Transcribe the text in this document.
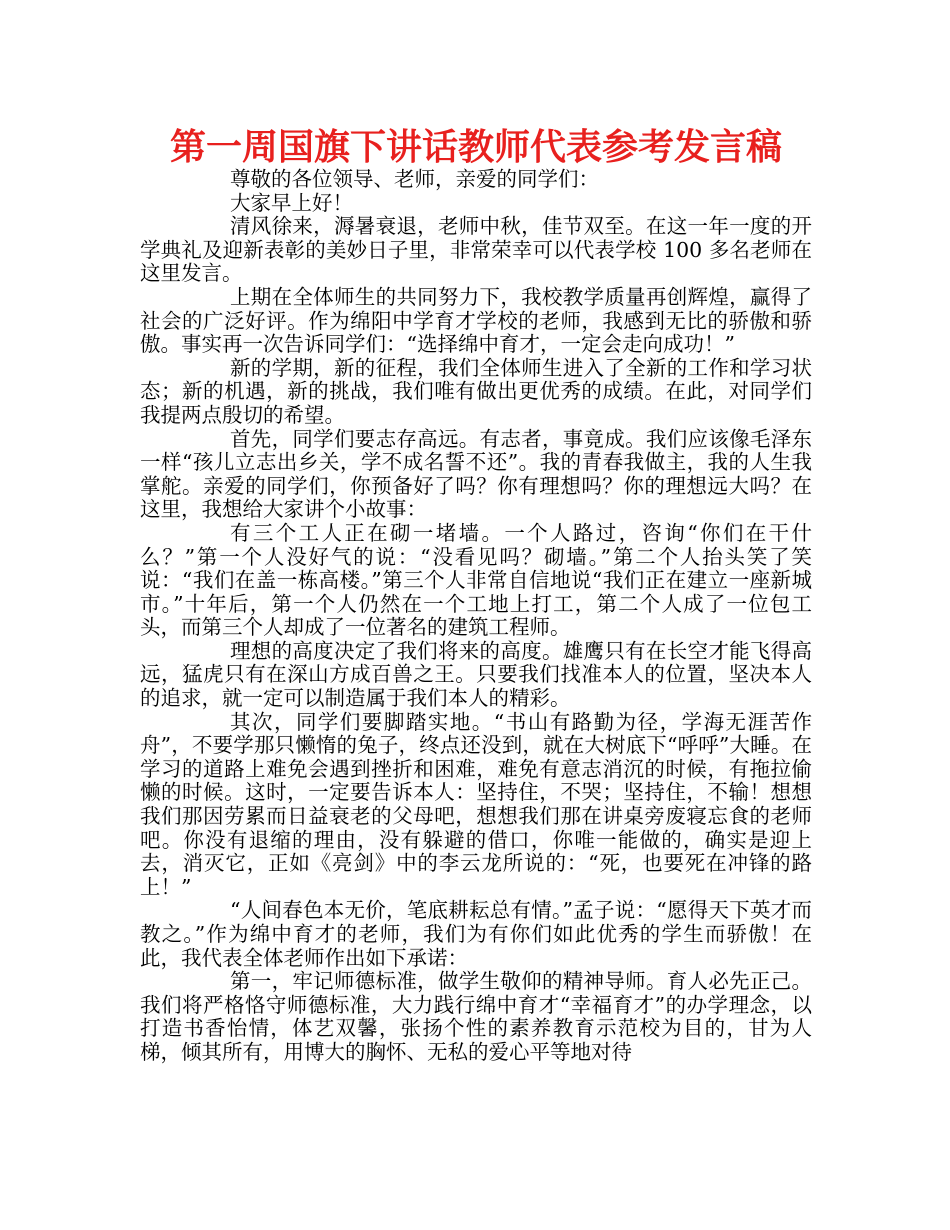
第一周国旗下讲话教师代表参考发言稿

尊敬的各位领导、老师，亲爱的同学们：

大家早上好！

清风徐来，溽暑衰退，老师中秋，佳节双至。在这一年一度的开学典礼及迎新表彰的美妙日子里，非常荣幸可以代表学校 100 多名老师在这里发言。

上期在全体师生的共同努力下，我校教学质量再创辉煌，赢得了社会的广泛好评。作为绵阳中学育才学校的老师，我感到无比的骄傲和骄傲。事实再一次告诉同学们：“选择绵中育才，一定会走向成功！”

新的学期，新的征程，我们全体师生进入了全新的工作和学习状态；新的机遇，新的挑战，我们唯有做出更优秀的成绩。在此，对同学们我提两点殷切的希望。

首先，同学们要志存高远。有志者，事竟成。我们应该像毛泽东一样“孩儿立志出乡关，学不成名誓不还”。我的青春我做主，我的人生我掌舵。亲爱的同学们，你预备好了吗？你有理想吗？你的理想远大吗？在这里，我想给大家讲个小故事：

有三个工人正在砌一堵墙。一个人路过，咨询“你们在干什么？”第一个人没好气的说：“没看见吗？砌墙。”第二个人抬头笑了笑说：“我们在盖一栋高楼。”第三个人非常自信地说“我们正在建立一座新城市。”十年后，第一个人仍然在一个工地上打工，第二个人成了一位包工头，而第三个人却成了一位著名的建筑工程师。

理想的高度决定了我们将来的高度。雄鹰只有在长空才能飞得高远，猛虎只有在深山方成百兽之王。只要我们找准本人的位置，坚决本人的追求，就一定可以制造属于我们本人的精彩。

其次，同学们要脚踏实地。“书山有路勤为径，学海无涯苦作舟”，不要学那只懒惰的兔子，终点还没到，就在大树底下“呼呼”大睡。在学习的道路上难免会遇到挫折和困难，难免有意志消沉的时候，有拖拉偷懒的时候。这时，一定要告诉本人：坚持住，不哭；坚持住，不输！想想我们那因劳累而日益衰老的父母吧，想想我们那在讲桌旁废寝忘食的老师吧。你没有退缩的理由，没有躲避的借口，你唯一能做的，确实是迎上去，消灭它，正如《亮剑》中的李云龙所说的：“死，也要死在冲锋的路上！”

“人间春色本无价，笔底耕耘总有情。”孟子说：“愿得天下英才而教之。”作为绵中育才的老师，我们为有你们如此优秀的学生而骄傲！在此，我代表全体老师作出如下承诺：

第一，牢记师德标准，做学生敬仰的精神导师。育人必先正己。我们将严格恪守师德标准，大力践行绵中育才“幸福育才”的办学理念，以打造书香怡情，体艺双馨，张扬个性的素养教育示范校为目的，甘为人梯，倾其所有，用博大的胸怀、无私的爱心平等地对待
